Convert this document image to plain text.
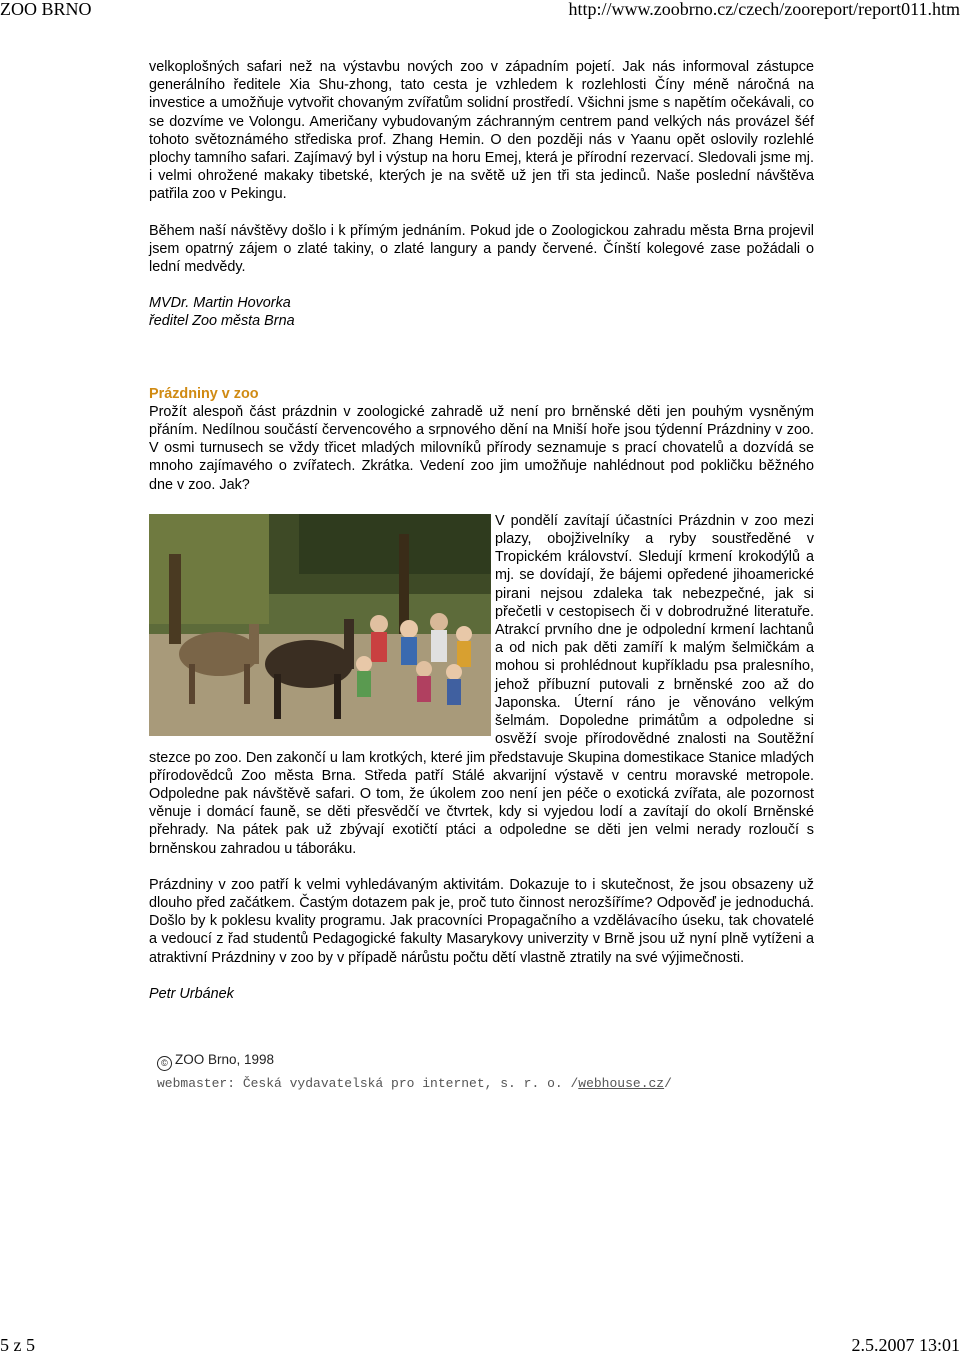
ZOO BRNO	http://www.zoobrno.cz/czech/zooreport/report011.htm

velkoplošných safari než na výstavbu nových zoo v západním pojetí. Jak nás informoval zástupce generálního ředitele Xia Shu-zhong, tato cesta je vzhledem k rozlehlosti Číny méně náročná na investice a umožňuje vytvořit chovaným zvířatům solidní prostředí. Všichni jsme s napětím očekávali, co se dozvíme ve Volongu. Američany vybudovaným záchranným centrem pand velkých nás provázel šéf tohoto světoznámého střediska prof. Zhang Hemin. O den později nás v Yaanu opět oslovily rozlehlé plochy tamního safari. Zajímavý byl i výstup na horu Emej, která je přírodní rezervací. Sledovali jsme mj. i velmi ohrožené makaky tibetské, kterých je na světě už jen tři sta jedinců. Naše poslední návštěva patřila zoo v Pekingu.

Během naší návštěvy došlo i k přímým jednáním. Pokud jde o Zoologickou zahradu města Brna projevil jsem opatrný zájem o zlaté takiny, o zlaté langury a pandy červené. Čínští kolegové zase požádali o lední medvědy.

MVDr. Martin Hovorka
ředitel Zoo města Brna
Prázdniny v zoo

Prožít alespoň část prázdnin v zoologické zahradě už není pro brněnské děti jen pouhým vysněným přáním. Nedílnou součástí červencového a srpnového dění na Mniší hoře jsou týdenní Prázdniny v zoo. V osmi turnusech se vždy třicet mladých milovníků přírody seznamuje s prací chovatelů a dozvídá se mnoho zajímavého o zvířatech. Zkrátka. Vedení zoo jim umožňuje nahlédnout pod pokličku běžného dne v zoo. Jak?

V pondělí zavítají účastníci Prázdnin v zoo mezi plazy, obojživelníky a ryby soustředěné v Tropickém království. Sledují krmení krokodýlů a mj. se dovídají, že bájemi opředené jihoamerické pirani nejsou zdaleka tak nebezpečné, jak si přečetli v cestopisech či v dobrodružné literatuře. Atrakcí prvního dne je odpolední krmení lachtanů a od nich pak děti zamíří k malým šelmičkám a mohou si prohlédnout kupříkladu psa pralesního, jehož příbuzní putovali z brněnské zoo až do Japonska. Úterní ráno je věnováno velkým šelmám. Dopoledne primátům a odpoledne si osvěží svoje přírodovědné znalosti na Soutěžní stezce po zoo. Den zakončí u lam krotkých, které jim představuje Skupina domestikace Stanice mladých přírodovědců Zoo města Brna. Středa patří Stálé akvarijní výstavě v centru moravské metropole. Odpoledne pak návštěvě safari. O tom, že úkolem zoo není jen péče o exotická zvířata, ale pozornost věnuje i domácí fauně, se děti přesvědčí ve čtvrtek, kdy si vyjedou lodí a zavítají do okolí Brněnské přehrady. Na pátek pak už zbývají exotičtí ptáci a odpoledne se děti jen velmi nerady rozloučí s brněnskou zahradou u táboráku.

Prázdniny v zoo patří k velmi vyhledávaným aktivitám. Dokazuje to i skutečnost, že jsou obsazeny už dlouho před začátkem. Častým dotazem pak je, proč tuto činnost nerozšíříme? Odpověď je jednoduchá. Došlo by k poklesu kvality programu. Jak pracovníci Propagačního a vzdělávacího úseku, tak chovatelé a vedoucí z řad studentů Pedagogické fakulty Masarykovy univerzity v Brně jsou už nyní plně vytíženi a atraktivní Prázdniny v zoo by v případě nárůstu počtu dětí vlastně ztratily na své výjimečnosti.

Petr Urbánek
© ZOO Brno, 1998
webmaster: Česká vydavatelská pro internet, s. r. o. /webhouse.cz/
5 z 5	2.5.2007 13:01
